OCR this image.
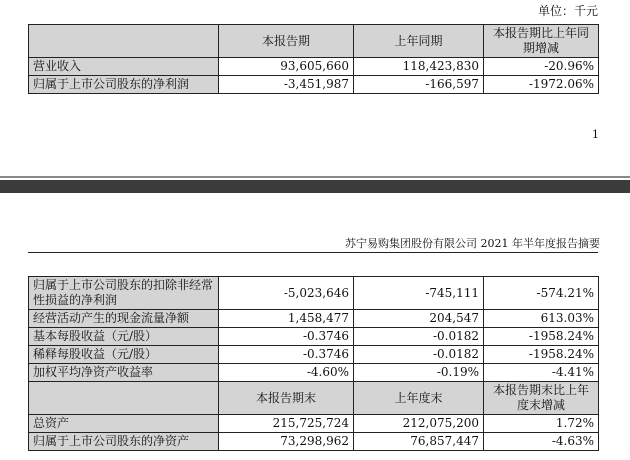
单位：千元
	本报告期	上年同期	本报告期比上年同期增减
营业收入	93,605,660	118,423,830	-20.96%
归属于上市公司股东的净利润	-3,451,987	-166,597	-1972.06%
1
苏宁易购集团股份有限公司 2021 年半年度报告摘要
归属于上市公司股东的扣除非经常性损益的净利润	-5,023,646	-745,111	-574.21%
经营活动产生的现金流量净额	1,458,477	204,547	613.03%
基本每股收益（元/股）	-0.3746	-0.0182	-1958.24%
稀释每股收益（元/股）	-0.3746	-0.0182	-1958.24%
加权平均净资产收益率	-4.60%	-0.19%	-4.41%
	本报告期末	上年度末	本报告期末比上年度末增减
总资产	215,725,724	212,075,200	1.72%
归属于上市公司股东的净资产	73,298,962	76,857,447	-4.63%
